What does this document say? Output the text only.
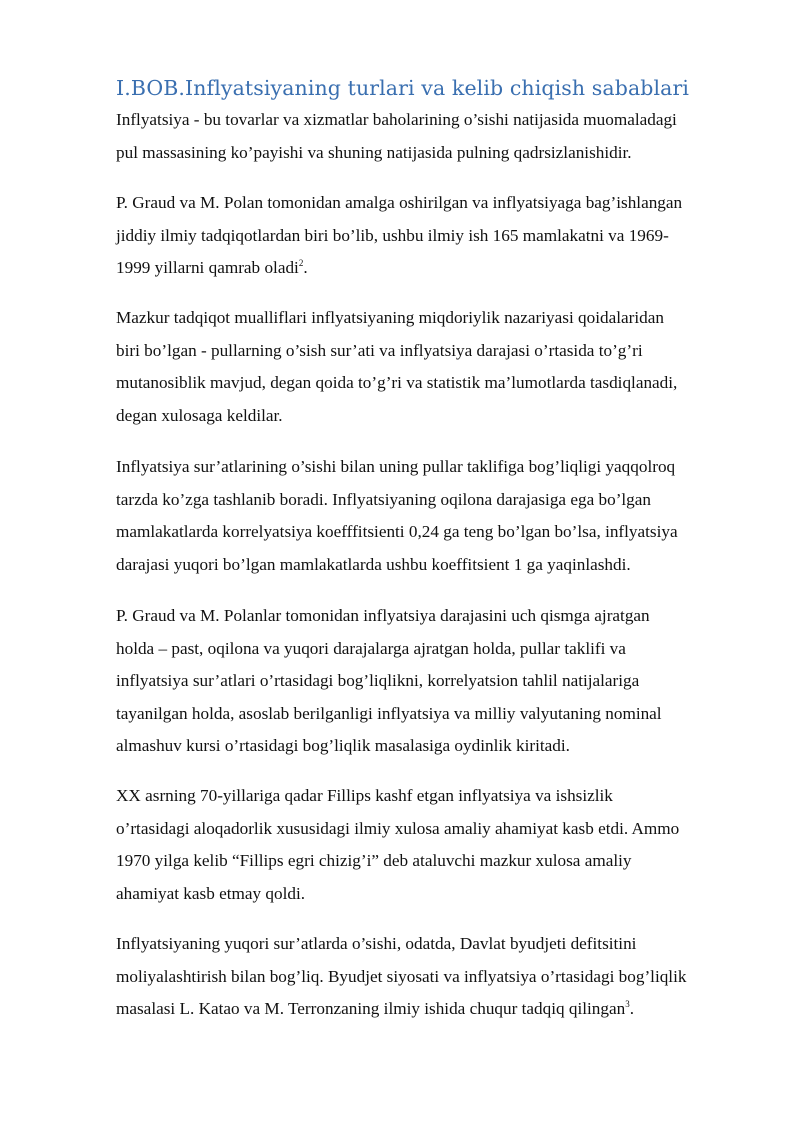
I.BOB.Inflyatsiyaning turlari va kelib chiqish sabablari

Inflyatsiya - bu tovarlar va xizmatlar baholarining o’sishi natijasida muomaladagi
pul massasining ko’payishi va shuning natijasida pulning qadrsizlanishidir.

P. Graud va M. Polan tomonidan amalga oshirilgan va inflyatsiyaga bag’ishlangan
jiddiy ilmiy tadqiqotlardan biri bo’lib, ushbu ilmiy ish 165 mamlakatni va 1969-
1999 yillarni qamrab oladi$^2$.

Mazkur tadqiqot mualliflari inflyatsiyaning miqdoriylik nazariyasi qoidalaridan
biri bo’lgan - pullarning o’sish sur’ati va inflyatsiya darajasi o’rtasida to’g’ri
mutanosiblik mavjud, degan qoida to’g’ri va statistik ma’lumotlarda tasdiqlanadi,
degan xulosaga keldilar.

Inflyatsiya sur’atlarining o’sishi bilan uning pullar taklifiga bog’liqligi yaqqolroq
tarzda ko’zga tashlanib boradi. Inflyatsiyaning oqilona darajasiga ega bo’lgan
mamlakatlarda korrelyatsiya koefffitsienti 0,24 ga teng bo’lgan bo’lsa, inflyatsiya
darajasi yuqori bo’lgan mamlakatlarda ushbu koeffitsient 1 ga yaqinlashdi.

P. Graud va M. Polanlar tomonidan inflyatsiya darajasini uch qismga ajratgan
holda – past, oqilona va yuqori darajalarga ajratgan holda, pullar taklifi va
inflyatsiya sur’atlari o’rtasidagi bog’liqlikni, korrelyatsion tahlil natijalariga
tayanilgan holda, asoslab berilganligi inflyatsiya va milliy valyutaning nominal
almashuv kursi o’rtasidagi bog’liqlik masalasiga oydinlik kiritadi.

XX asrning 70-yillariga qadar Fillips kashf etgan inflyatsiya va ishsizlik
o’rtasidagi aloqadorlik xususidagi ilmiy xulosa amaliy ahamiyat kasb etdi. Ammo
1970 yilga kelib “Fillips egri chizig’i” deb ataluvchi mazkur xulosa amaliy
ahamiyat kasb etmay qoldi.

Inflyatsiyaning yuqori sur’atlarda o’sishi, odatda, Davlat byudjeti defitsitini
moliyalashtirish bilan bog’liq. Byudjet siyosati va inflyatsiya o’rtasidagi bog’liqlik
masalasi L. Katao va M. Terronzaning ilmiy ishida chuqur tadqiq qilingan$^3$.
